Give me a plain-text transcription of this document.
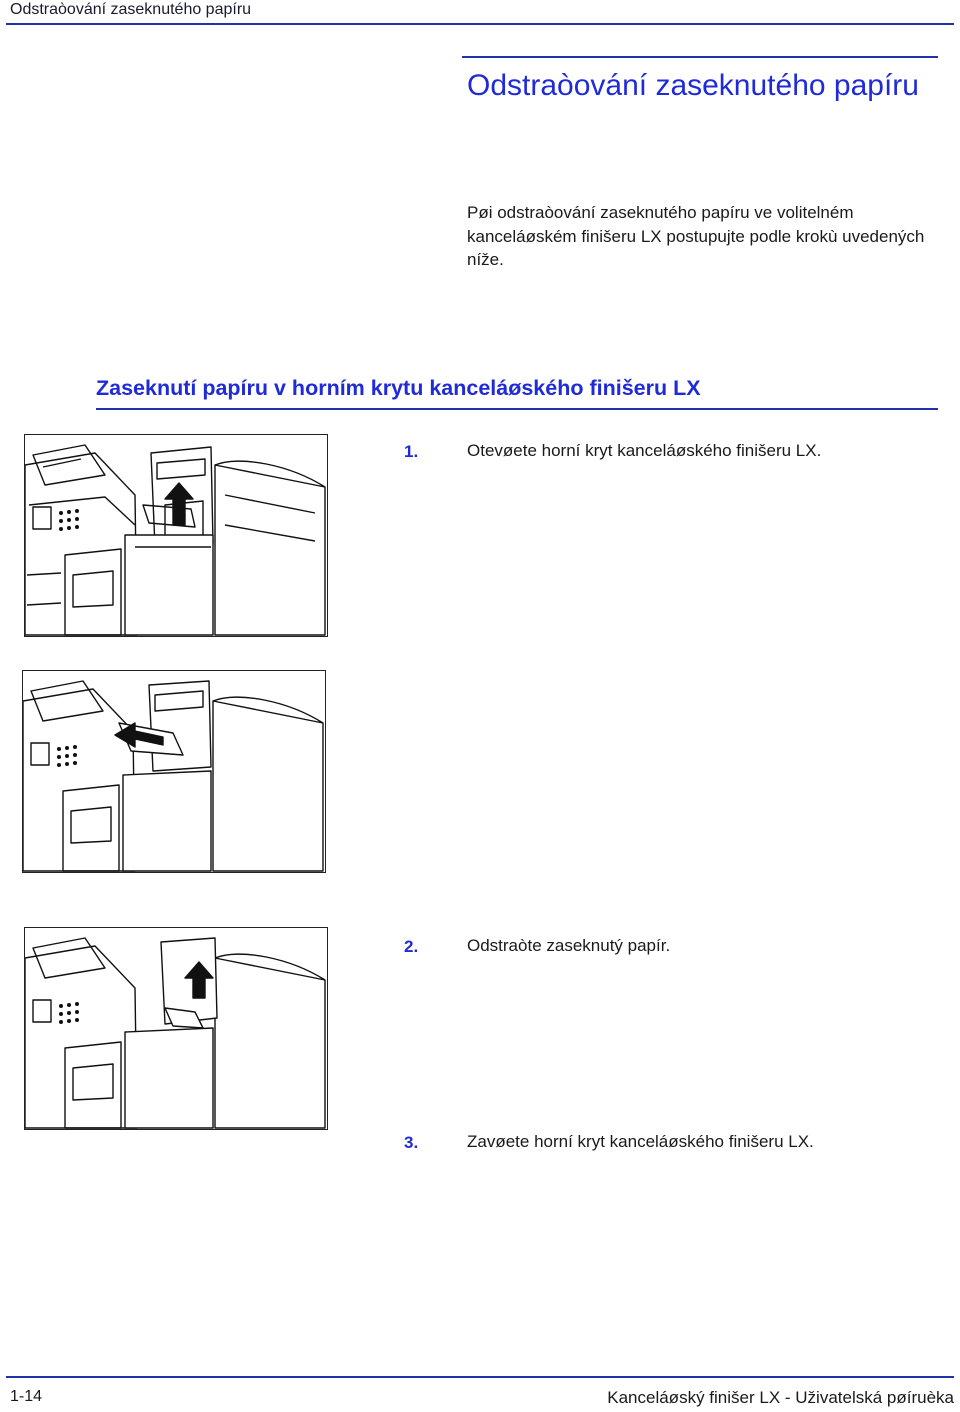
Odstraòování zaseknutého papíru
Odstraòování zaseknutého papíru

Pøi odstraòování zaseknutého papíru ve volitelném kanceláøském finišeru LX postupujte podle krokù uvedených níže.

Zaseknutí papíru v horním krytu kanceláøského finišeru LX
1.	Otevøete horní kryt kanceláøského finišeru LX.
2.	Odstraòte zaseknutý papír.
3.	Zavøete horní kryt kanceláøského finišeru LX.
1-14	Kanceláøský finišer LX - Uživatelská pøíruèka
